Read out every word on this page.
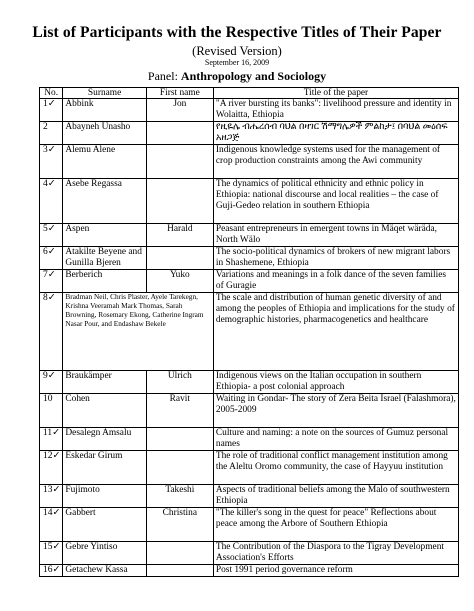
List of Participants with the Respective Titles of Their Paper
(Revised Version)
September 16, 2009
Panel: Anthropology and Sociology
No.	Surname	First name	Title of the paper
1✓	Abbink	Jon	"A river bursting its banks": livelihood pressure and identity in Wolaitta, Ethiopia
2	Abayneh Unasho		የዚዬሌ ብሔረሰብ ባህል በዛገር ሽማግሌዎች ምልከታ፤ በባህል መዕሰፍ አዘጋጅ
3✓	Alemu Alene		Indigenous knowledge systems used for the management of crop production constraints among the Awi community
4✓	Asebe Regassa		The dynamics of political ethnicity and ethnic policy in Ethiopia: national discourse and local realities – the case of Guji-Gedeo relation in southern Ethiopia
5✓	Aspen	Harald	Peasant entrepreneurs in emergent towns in Mäqet wärädа, North Wälo
6✓	Atakilte Beyene and Gunilla Bjeren		The socio-political dynamics of brokers of new migrant labors in Shashemene, Ethiopia
7✓	Berberich	Yuko	Variations and meanings in a folk dance of the seven families of Guragie
8✓	Bradman Neil, Chris Plaster, Ayele Tarekegn, Krishna Veeramah Mark Thomas, Sarah Browning, Rosemary Ekong, Catherine Ingram Nasar Pour, and Endashaw Bekele		The scale and distribution of human genetic diversity of and among the peoples of Ethiopia and implications for the study of demographic histories, pharmacogenetics and healthcare
9✓	Braukämper	Ulrich	Indigenous views on the Italian occupation in southern Ethiopia- a post colonial approach
10	Cohen	Ravit	Waiting in Gondar- The story of Zera Beita Israel (Falashmora), 2005-2009
11✓	Desalegn Amsalu		Culture and naming: a note on the sources of Gumuz personal names
12✓	Eskedar Girum		The role of traditional conflict management institution among the Aleltu Oromo community, the case of Hayyuu institution
13✓	Fujimoto	Takeshi	Aspects of traditional beliefs among the Malo of southwestern Ethiopia
14✓	Gabbert	Christina	"The killer's song in the quest for peace" Reflections about peace among the Arbore of Southern Ethiopia
15✓	Gebre Yintiso		The Contribution of the Diaspora to the Tigray Development Association's Efforts
16✓	Getachew Kassa		Post 1991 period governance reform
